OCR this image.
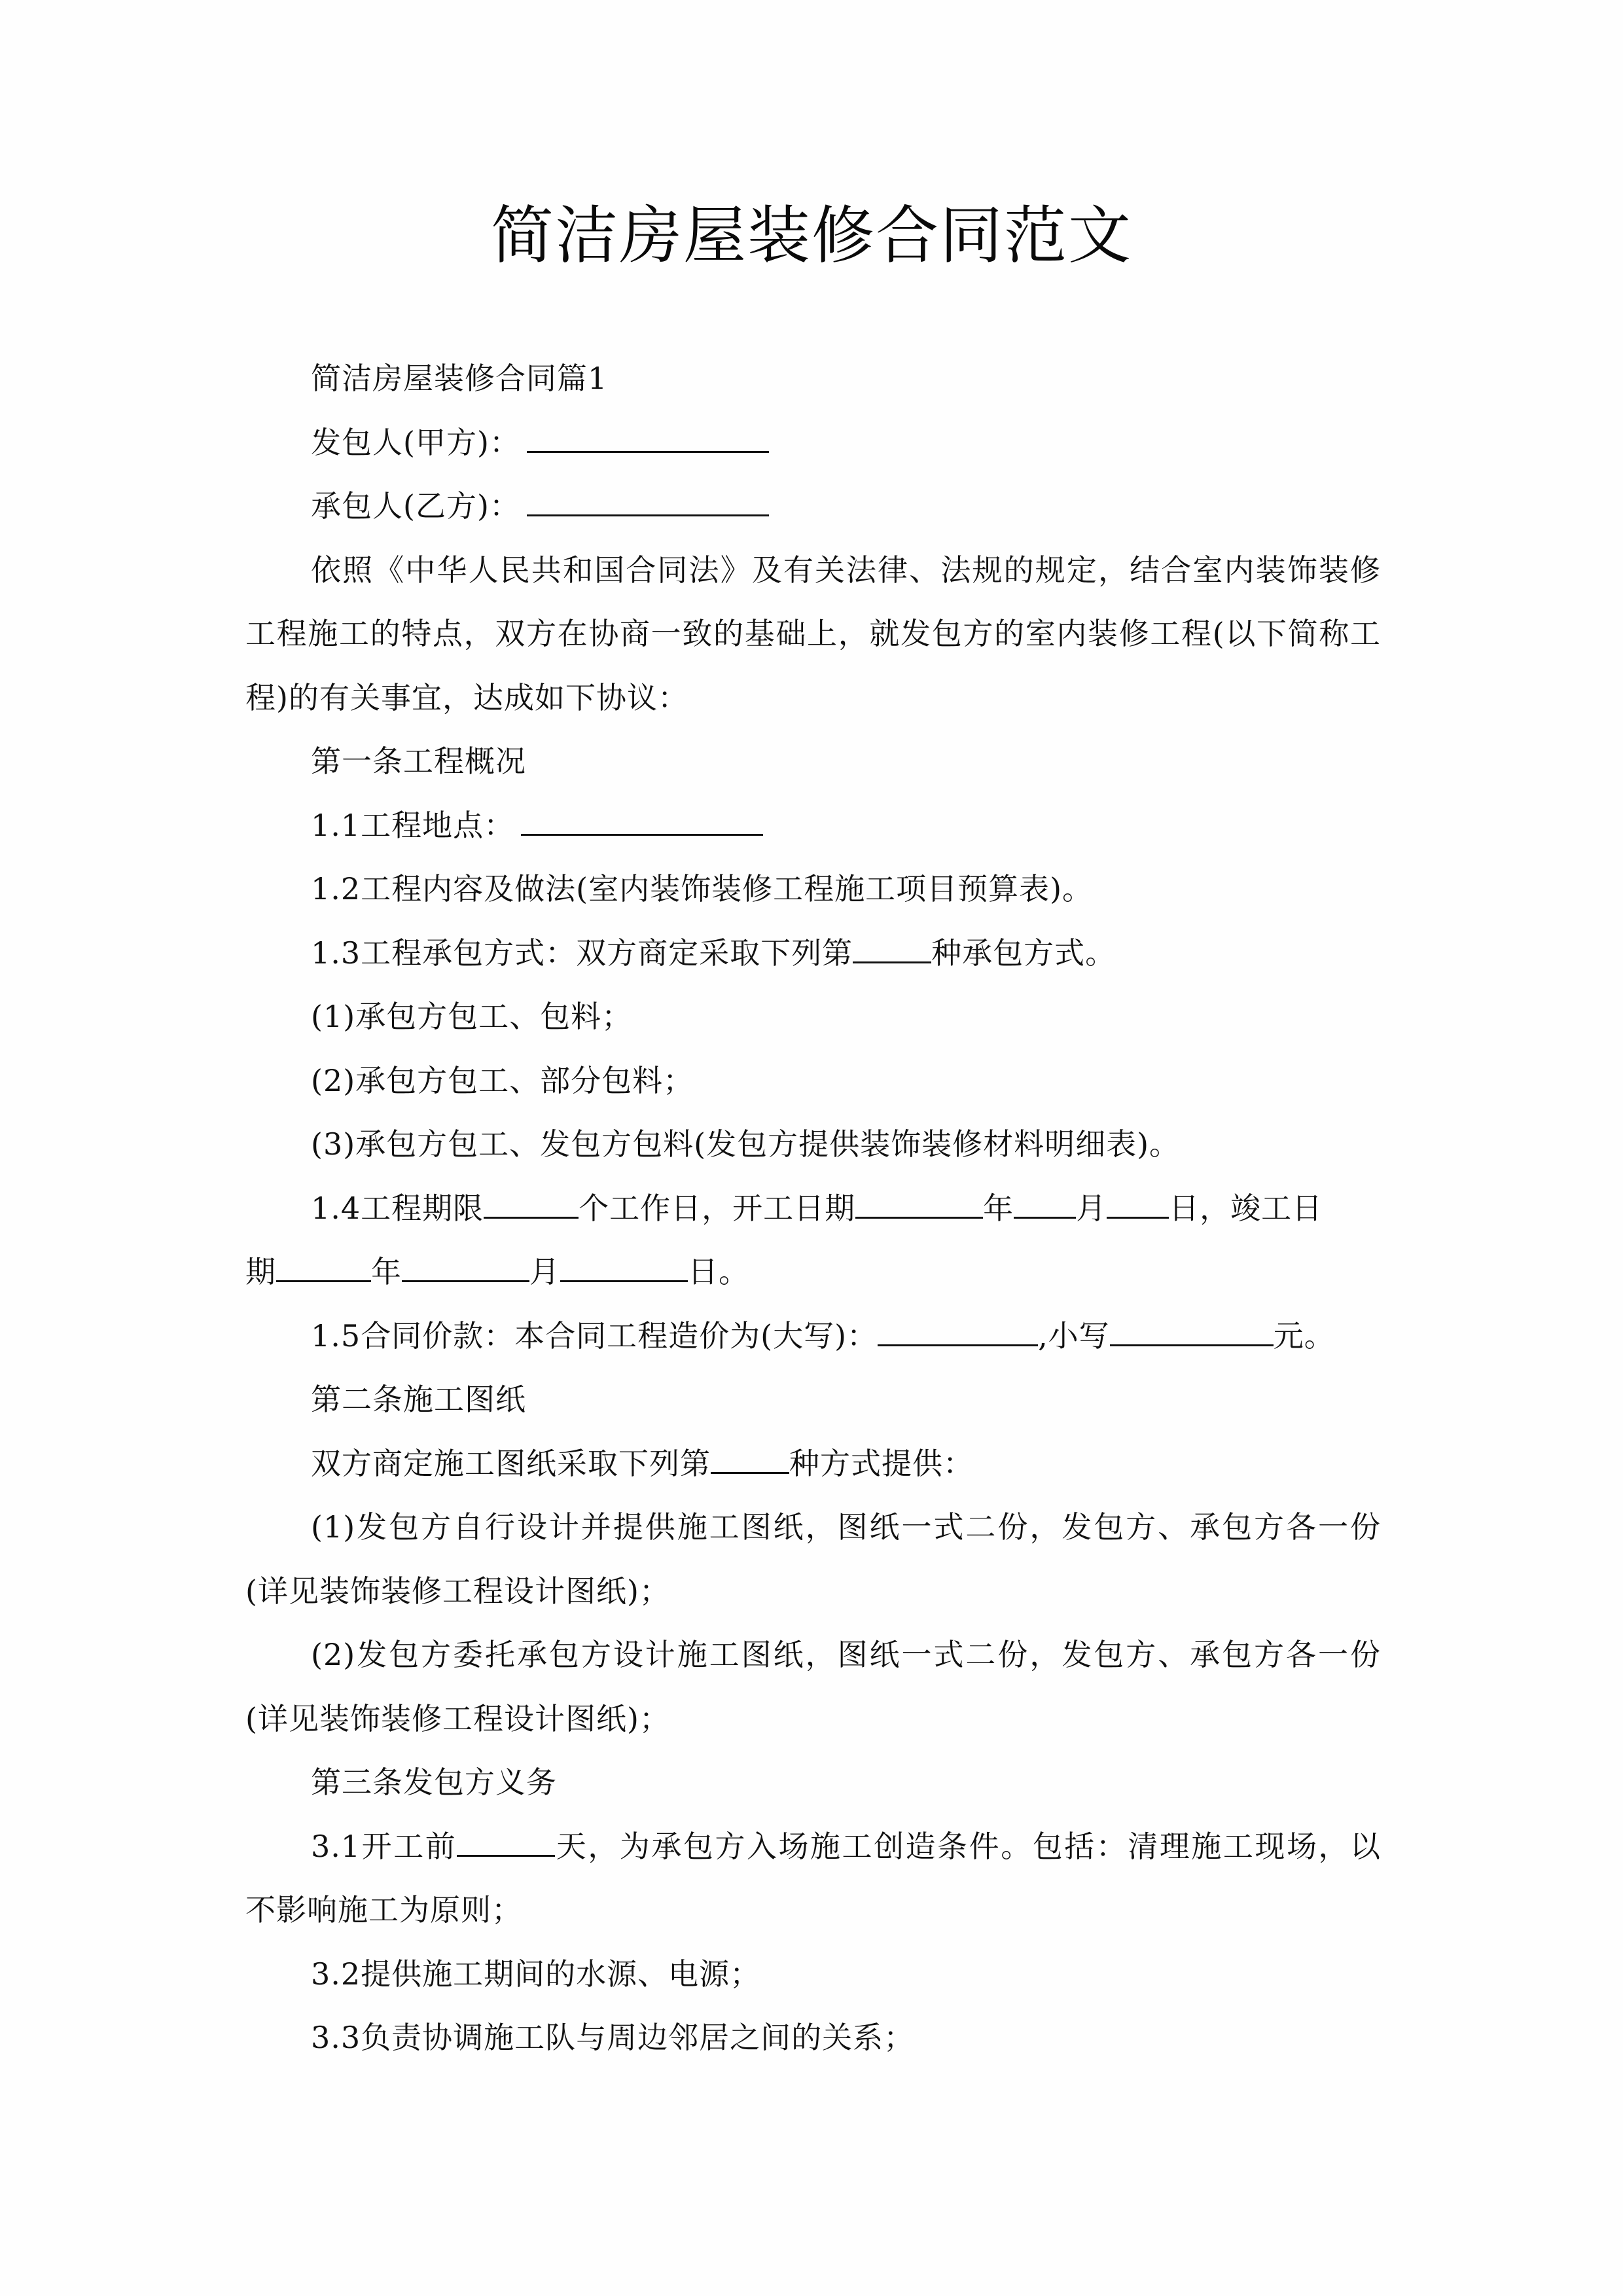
简洁房屋装修合同范文

简洁房屋装修合同篇1

发包人(甲方)：

承包人(乙方)：

依照《中华人民共和国合同法》及有关法律、法规的规定，结合室内装饰装修工程施工的特点，双方在协商一致的基础上，就发包方的室内装修工程(以下简称工程)的有关事宜，达成如下协议：

第一条工程概况

1.1工程地点：

1.2工程内容及做法(室内装饰装修工程施工项目预算表)。

1.3工程承包方式：双方商定采取下列第	种承包方式。

(1)承包方包工、包料；

(2)承包方包工、部分包料；

(3)承包方包工、发包方包料(发包方提供装饰装修材料明细表)。

1.4工程期限	个工作日，开工日期	年 月 日，竣工日

期	年	月	日。

1.5合同价款：本合同工程造价为(大写)：	,小写	元。

第二条施工图纸

双方商定施工图纸采取下列第	种方式提供：

(1)发包方自行设计并提供施工图纸，图纸一式二份，发包方、承包方各一份(详见装饰装修工程设计图纸)；

(2)发包方委托承包方设计施工图纸，图纸一式二份，发包方、承包方各一份(详见装饰装修工程设计图纸)；

第三条发包方义务

3.1开工前	天，为承包方入场施工创造条件。包括：清理施工现场，以不影响施工为原则；

3.2提供施工期间的水源、电源；

3.3负责协调施工队与周边邻居之间的关系；
